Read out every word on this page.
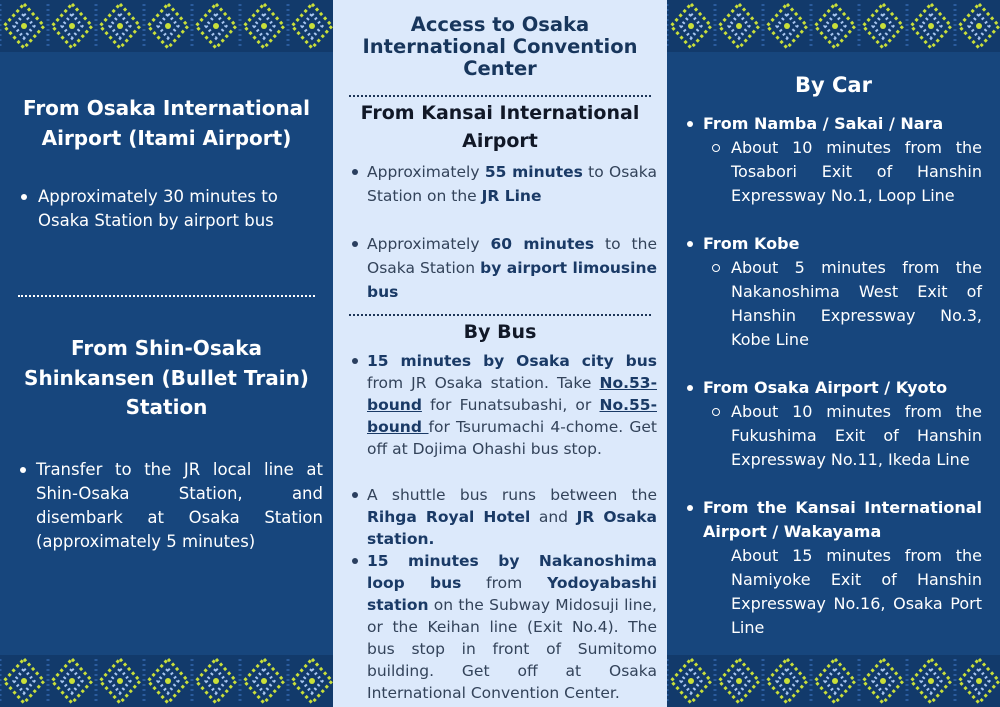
From Osaka International Airport (Itami Airport)
Approximately 30 minutes to Osaka Station by airport bus
From Shin-Osaka Shinkansen (Bullet Train) Station
Transfer to the JR local line at Shin-Osaka Station, and disembark at Osaka Station (approximately 5 minutes)
Access to Osaka International Convention Center
From Kansai International Airport
Approximately 55 minutes to Osaka Station on the JR Line
Approximately 60 minutes to the Osaka Station by airport limousine bus
By Bus
15 minutes by Osaka city bus from JR Osaka station. Take No.53-bound for Funatsubashi, or No.55-bound for Tsurumachi 4-chome. Get off at Dojima Ohashi bus stop.
A shuttle bus runs between the Rihga Royal Hotel and JR Osaka station.
15 minutes by Nakanoshima loop bus from Yodoyabashi station on the Subway Midosuji line, or the Keihan line (Exit No.4). The bus stop in front of Sumitomo building. Get off at Osaka International Convention Center.
By Car
From Namba / Sakai / Nara
About 10 minutes from the Tosabori Exit of Hanshin Expressway No.1, Loop Line
From Kobe
About 5 minutes from the Nakanoshima West Exit of Hanshin Expressway No.3, Kobe Line
From Osaka Airport / Kyoto
About 10 minutes from the Fukushima Exit of Hanshin Expressway No.11, Ikeda Line
From the Kansai International Airport / Wakayama
About 15 minutes from the Namiyoke Exit of Hanshin Expressway No.16, Osaka Port Line
